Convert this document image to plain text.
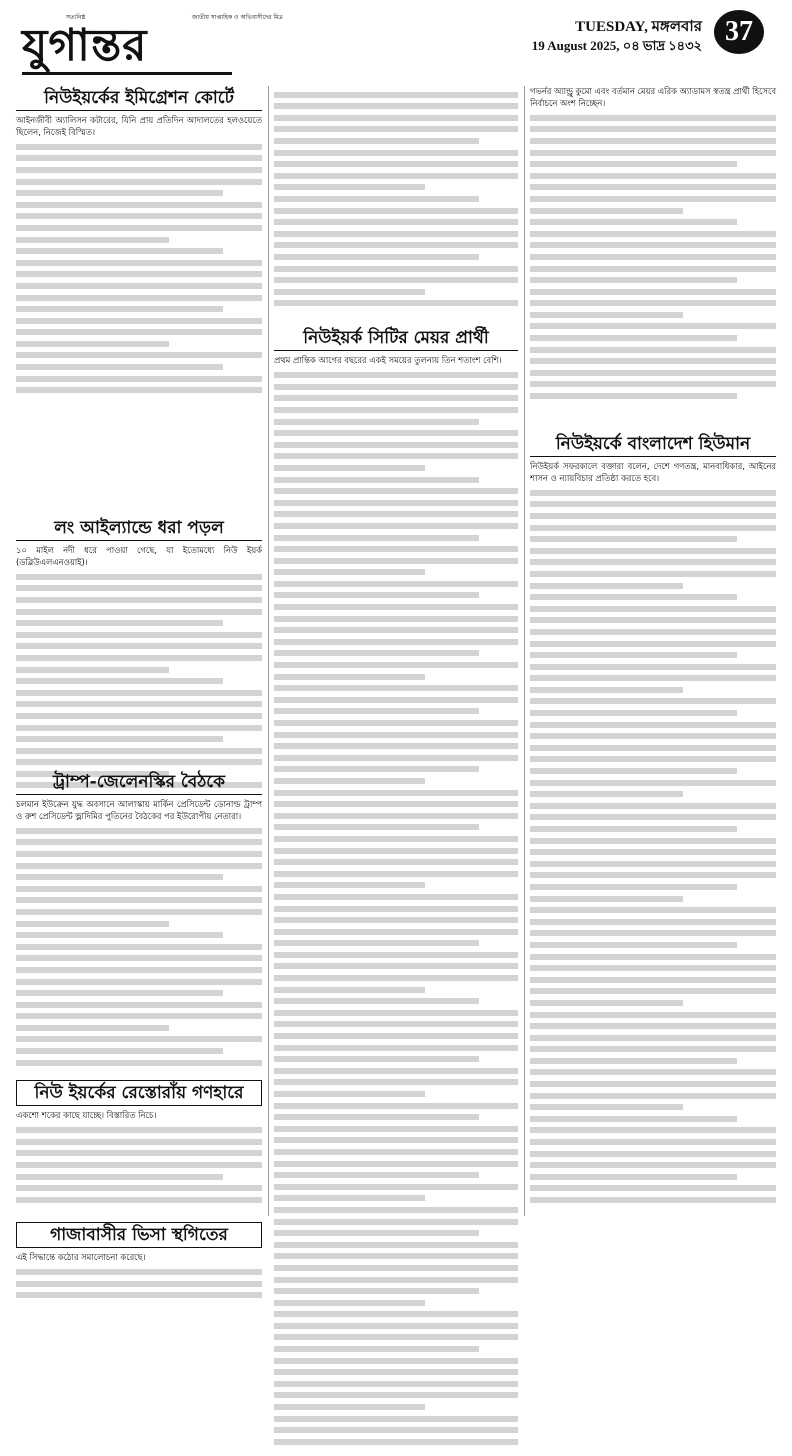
সত্যনিষ্ঠ	জাতীয় সাপ্তাহিক ও অভিবাসীদের মিত্র
যুগান্তর	TUESDAY, মঙ্গলবার
19 August 2025, ০৪ ভাদ্র ১৪৩২ 37
নিউইয়র্কের ইমিগ্রেশন কোর্টে

আইনজীবী অ্যালিসন কটারের, যিনি প্রায় প্রতিদিন আদালতের হলওয়েতে ছিলেন, নিজেই বিস্মিত।

লং আইল্যান্ডে ধরা পড়ল

১০ মাইল নদী ধরে পাওয়া গেছে, যা ইতোমধ্যে নিউ ইয়র্ক (ডব্লিউএলএনওয়াই)।

ট্রাম্প-জেলেনস্কির বৈঠকে

চলমান ইউক্রেন যুদ্ধ অবসানে আলাস্কায় মার্কিন প্রেসিডেন্ট ডোনাল্ড ট্রাম্প ও রুশ প্রেসিডেন্ট ভ্লাদিমির পুতিনের বৈঠকের পর ইউরোপীয় নেতারা।

নিউ ইয়র্কের রেস্তোরাঁয় গণহারে

একশো শকের কাছে যাচ্ছে। বিস্তারিত নিচে।

গাজাবাসীর ভিসা স্থগিতের

এই সিদ্ধান্তে কঠোর সমালোচনা করেছে।

নিউইয়র্ক সিটির মেয়র প্রার্থী

প্রথম প্রান্তিক আগের বছরের একই সময়ের তুলনায় তিন শতাংশ বেশি।

গভর্নর অ্যান্ড্রু কুমো এবং বর্তমান মেয়র এরিক অ্যাডামস স্বতন্ত্র প্রার্থী হিসেবে নির্বাচনে অংশ নিচ্ছেন।

নিউইয়র্কে বাংলাদেশ হিউমান

নিউইয়র্ক সফরকালে বক্তারা বলেন, দেশে গণতন্ত্র, মানবাধিকার, আইনের শাসন ও ন্যায়বিচার প্রতিষ্ঠা করতে হবে।
